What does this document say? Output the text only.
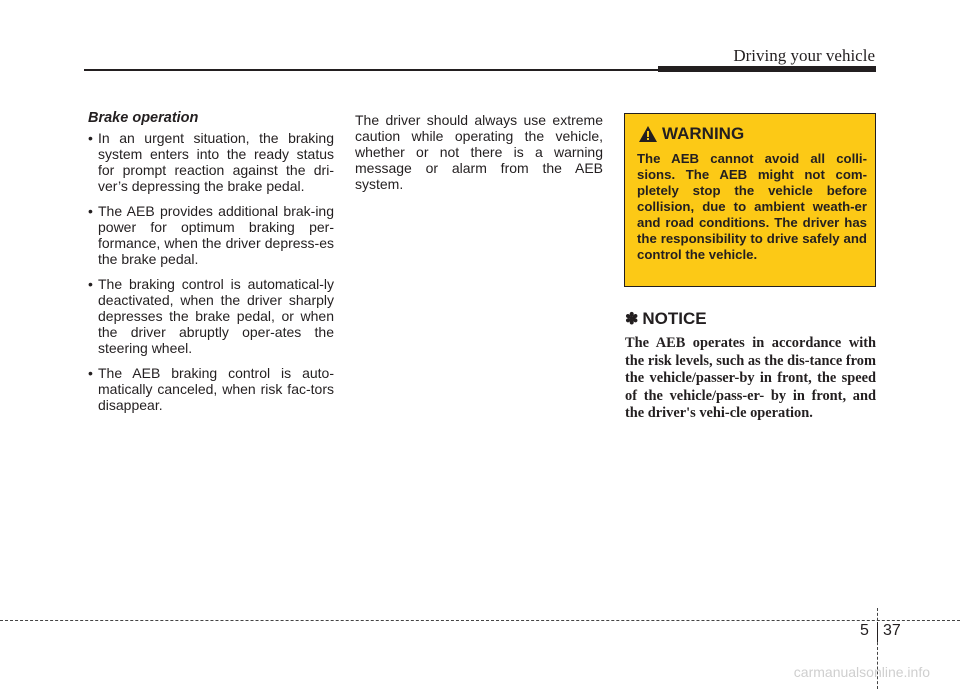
Driving your vehicle
Brake operation
• In an urgent situation, the braking system enters into the ready status for prompt reaction against the dri-ver’s depressing the brake pedal.
• The AEB provides additional brak-ing power for optimum braking per-formance, when the driver depress-es the brake pedal.
• The braking control is automatical-ly deactivated, when the driver sharply depresses the brake pedal, or when the driver abruptly oper-ates the steering wheel.
• The AEB braking control is auto-matically canceled, when risk fac-tors disappear.

The driver should always use extreme caution while operating the vehicle, whether or not there is a warning message or alarm from the AEB system.

WARNING

The AEB cannot avoid all colli-sions. The AEB might not com-pletely stop the vehicle before collision, due to ambient weath-er and road conditions. The driver has the responsibility to drive safely and control the vehicle.

✽ NOTICE

The AEB operates in accordance with the risk levels, such as the dis-tance from the vehicle/passer-by in front, the speed of the vehicle/pass-er- by in front, and the driver's vehi-cle operation.

5 37
carmanualsonline.info
